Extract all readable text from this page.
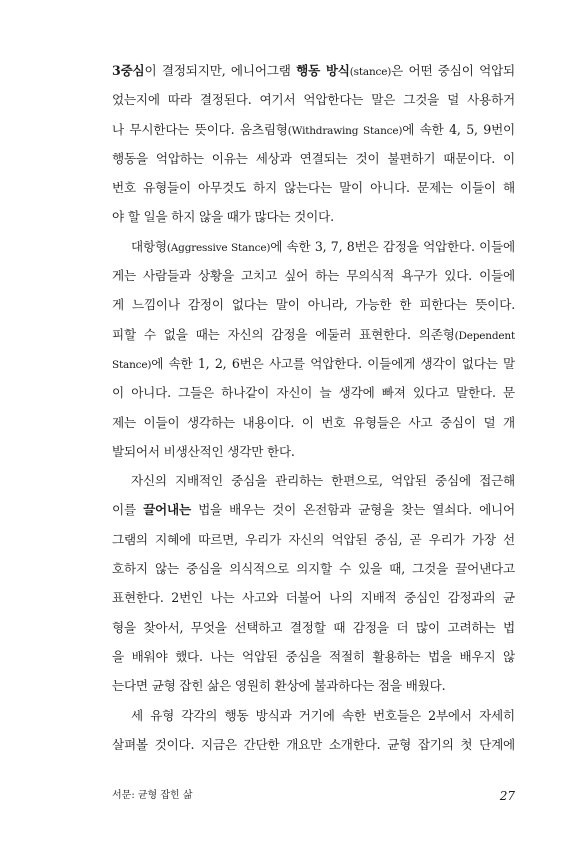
3중심이 결정되지만, 에니어그램 행동 방식(stance)은 어떤 중심이 억압되
었는지에 따라 결정된다. 여기서 억압한다는 말은 그것을 덜 사용하거
나 무시한다는 뜻이다. 움츠림형(Withdrawing Stance)에 속한 4, 5, 9번이
행동을 억압하는 이유는 세상과 연결되는 것이 불편하기 때문이다. 이
번호 유형들이 아무것도 하지 않는다는 말이 아니다. 문제는 이들이 해
야 할 일을 하지 않을 때가 많다는 것이다.
대항형(Aggressive Stance)에 속한 3, 7, 8번은 감정을 억압한다. 이들에
게는 사람들과 상황을 고치고 싶어 하는 무의식적 욕구가 있다. 이들에
게 느낌이나 감정이 없다는 말이 아니라, 가능한 한 피한다는 뜻이다.
피할 수 없을 때는 자신의 감정을 에둘러 표현한다. 의존형(Dependent
Stance)에 속한 1, 2, 6번은 사고를 억압한다. 이들에게 생각이 없다는 말
이 아니다. 그들은 하나같이 자신이 늘 생각에 빠져 있다고 말한다. 문
제는 이들이 생각하는 내용이다. 이 번호 유형들은 사고 중심이 덜 개
발되어서 비생산적인 생각만 한다.
자신의 지배적인 중심을 관리하는 한편으로, 억압된 중심에 접근해
이를 끌어내는 법을 배우는 것이 온전함과 균형을 찾는 열쇠다. 에니어
그램의 지혜에 따르면, 우리가 자신의 억압된 중심, 곧 우리가 가장 선
호하지 않는 중심을 의식적으로 의지할 수 있을 때, 그것을 끌어낸다고
표현한다. 2번인 나는 사고와 더불어 나의 지배적 중심인 감정과의 균
형을 찾아서, 무엇을 선택하고 결정할 때 감정을 더 많이 고려하는 법
을 배워야 했다. 나는 억압된 중심을 적절히 활용하는 법을 배우지 않
는다면 균형 잡힌 삶은 영원히 환상에 불과하다는 점을 배웠다.
세 유형 각각의 행동 방식과 거기에 속한 번호들은 2부에서 자세히
살펴볼 것이다. 지금은 간단한 개요만 소개한다. 균형 잡기의 첫 단계에
서문: 균형 잡힌 삶	27
